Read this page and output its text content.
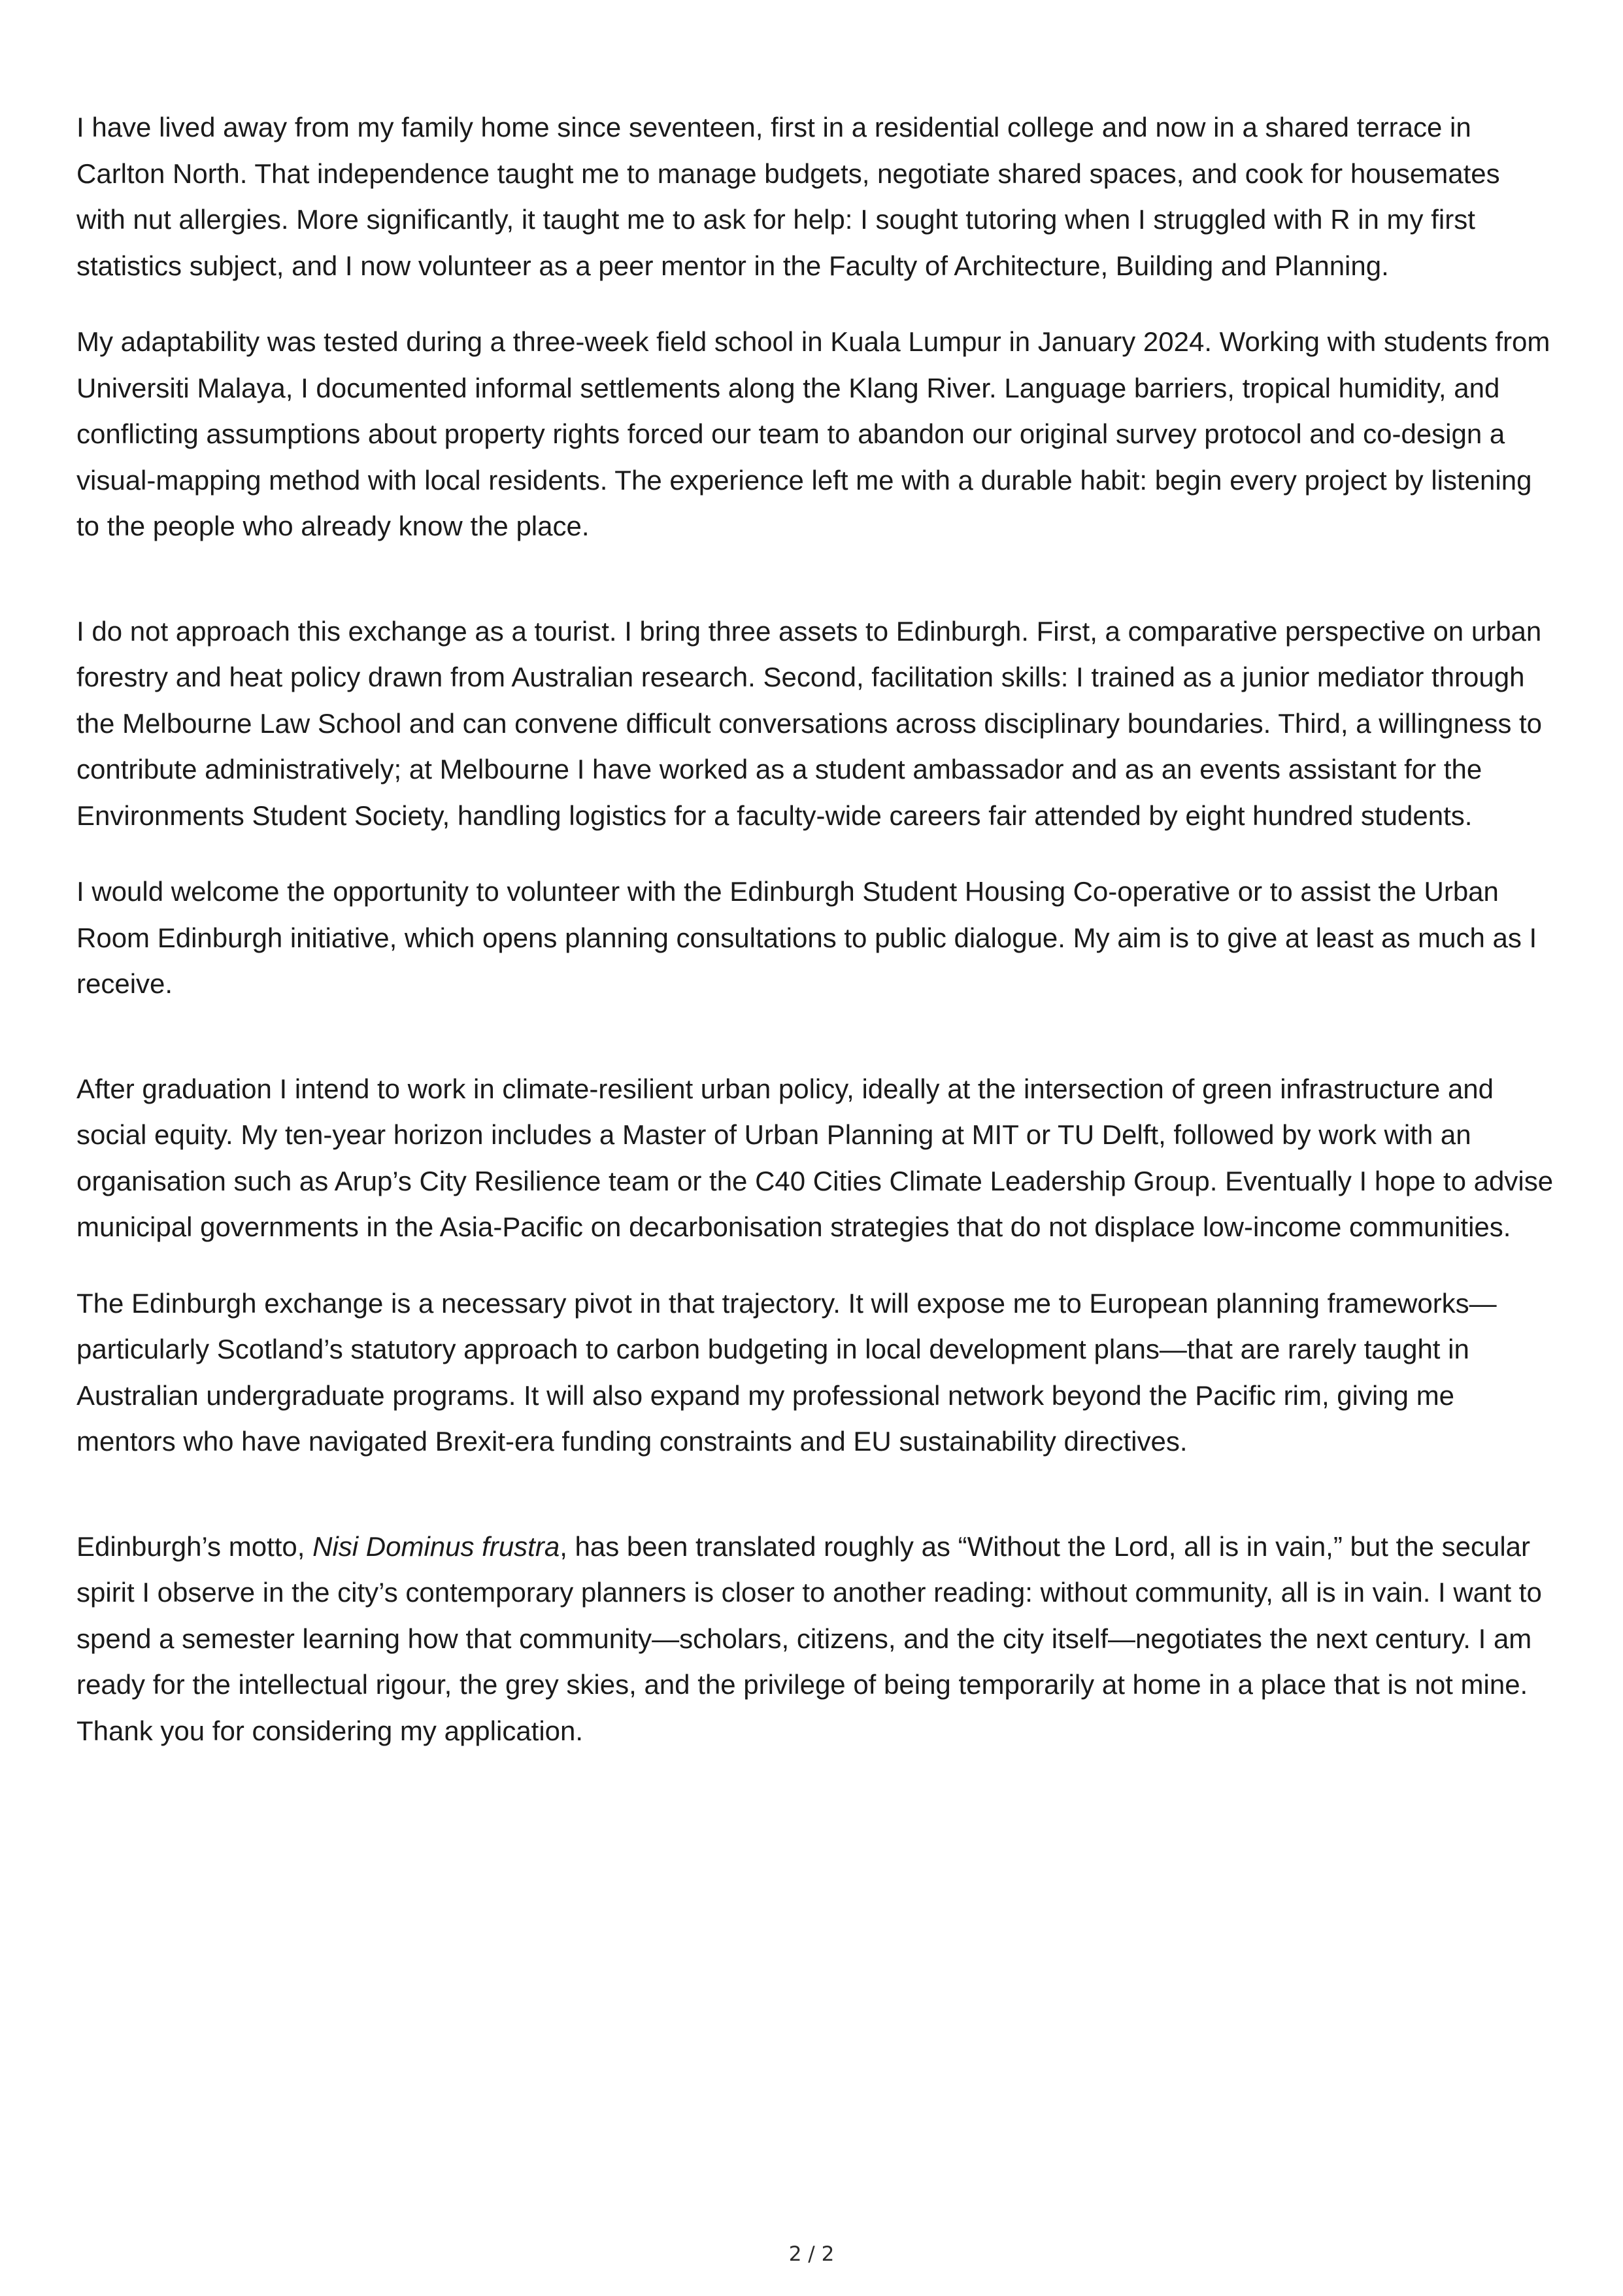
I have lived away from my family home since seventeen, first in a residential college and now in a shared terrace in Carlton North. That independence taught me to manage budgets, negotiate shared spaces, and cook for housemates with nut allergies. More significantly, it taught me to ask for help: I sought tutoring when I struggled with R in my first statistics subject, and I now volunteer as a peer mentor in the Faculty of Architecture, Building and Planning.

My adaptability was tested during a three-week field school in Kuala Lumpur in January 2024. Working with students from Universiti Malaya, I documented informal settlements along the Klang River. Language barriers, tropical humidity, and conflicting assumptions about property rights forced our team to abandon our original survey protocol and co-design a visual-mapping method with local residents. The experience left me with a durable habit: begin every project by listening to the people who already know the place.

I do not approach this exchange as a tourist. I bring three assets to Edinburgh. First, a comparative perspective on urban forestry and heat policy drawn from Australian research. Second, facilitation skills: I trained as a junior mediator through the Melbourne Law School and can convene difficult conversations across disciplinary boundaries. Third, a willingness to contribute administratively; at Melbourne I have worked as a student ambassador and as an events assistant for the Environments Student Society, handling logistics for a faculty-wide careers fair attended by eight hundred students.

I would welcome the opportunity to volunteer with the Edinburgh Student Housing Co-operative or to assist the Urban Room Edinburgh initiative, which opens planning consultations to public dialogue. My aim is to give at least as much as I receive.

After graduation I intend to work in climate-resilient urban policy, ideally at the intersection of green infrastructure and social equity. My ten-year horizon includes a Master of Urban Planning at MIT or TU Delft, followed by work with an organisation such as Arup’s City Resilience team or the C40 Cities Climate Leadership Group. Eventually I hope to advise municipal governments in the Asia-Pacific on decarbonisation strategies that do not displace low-income communities.

The Edinburgh exchange is a necessary pivot in that trajectory. It will expose me to European planning frameworks—particularly Scotland’s statutory approach to carbon budgeting in local development plans—that are rarely taught in Australian undergraduate programs. It will also expand my professional network beyond the Pacific rim, giving me mentors who have navigated Brexit-era funding constraints and EU sustainability directives.

Edinburgh’s motto, Nisi Dominus frustra, has been translated roughly as “Without the Lord, all is in vain,” but the secular spirit I observe in the city’s contemporary planners is closer to another reading: without community, all is in vain. I want to spend a semester learning how that community—scholars, citizens, and the city itself—negotiates the next century. I am ready for the intellectual rigour, the grey skies, and the privilege of being temporarily at home in a place that is not mine. Thank you for considering my application.

2 / 2
